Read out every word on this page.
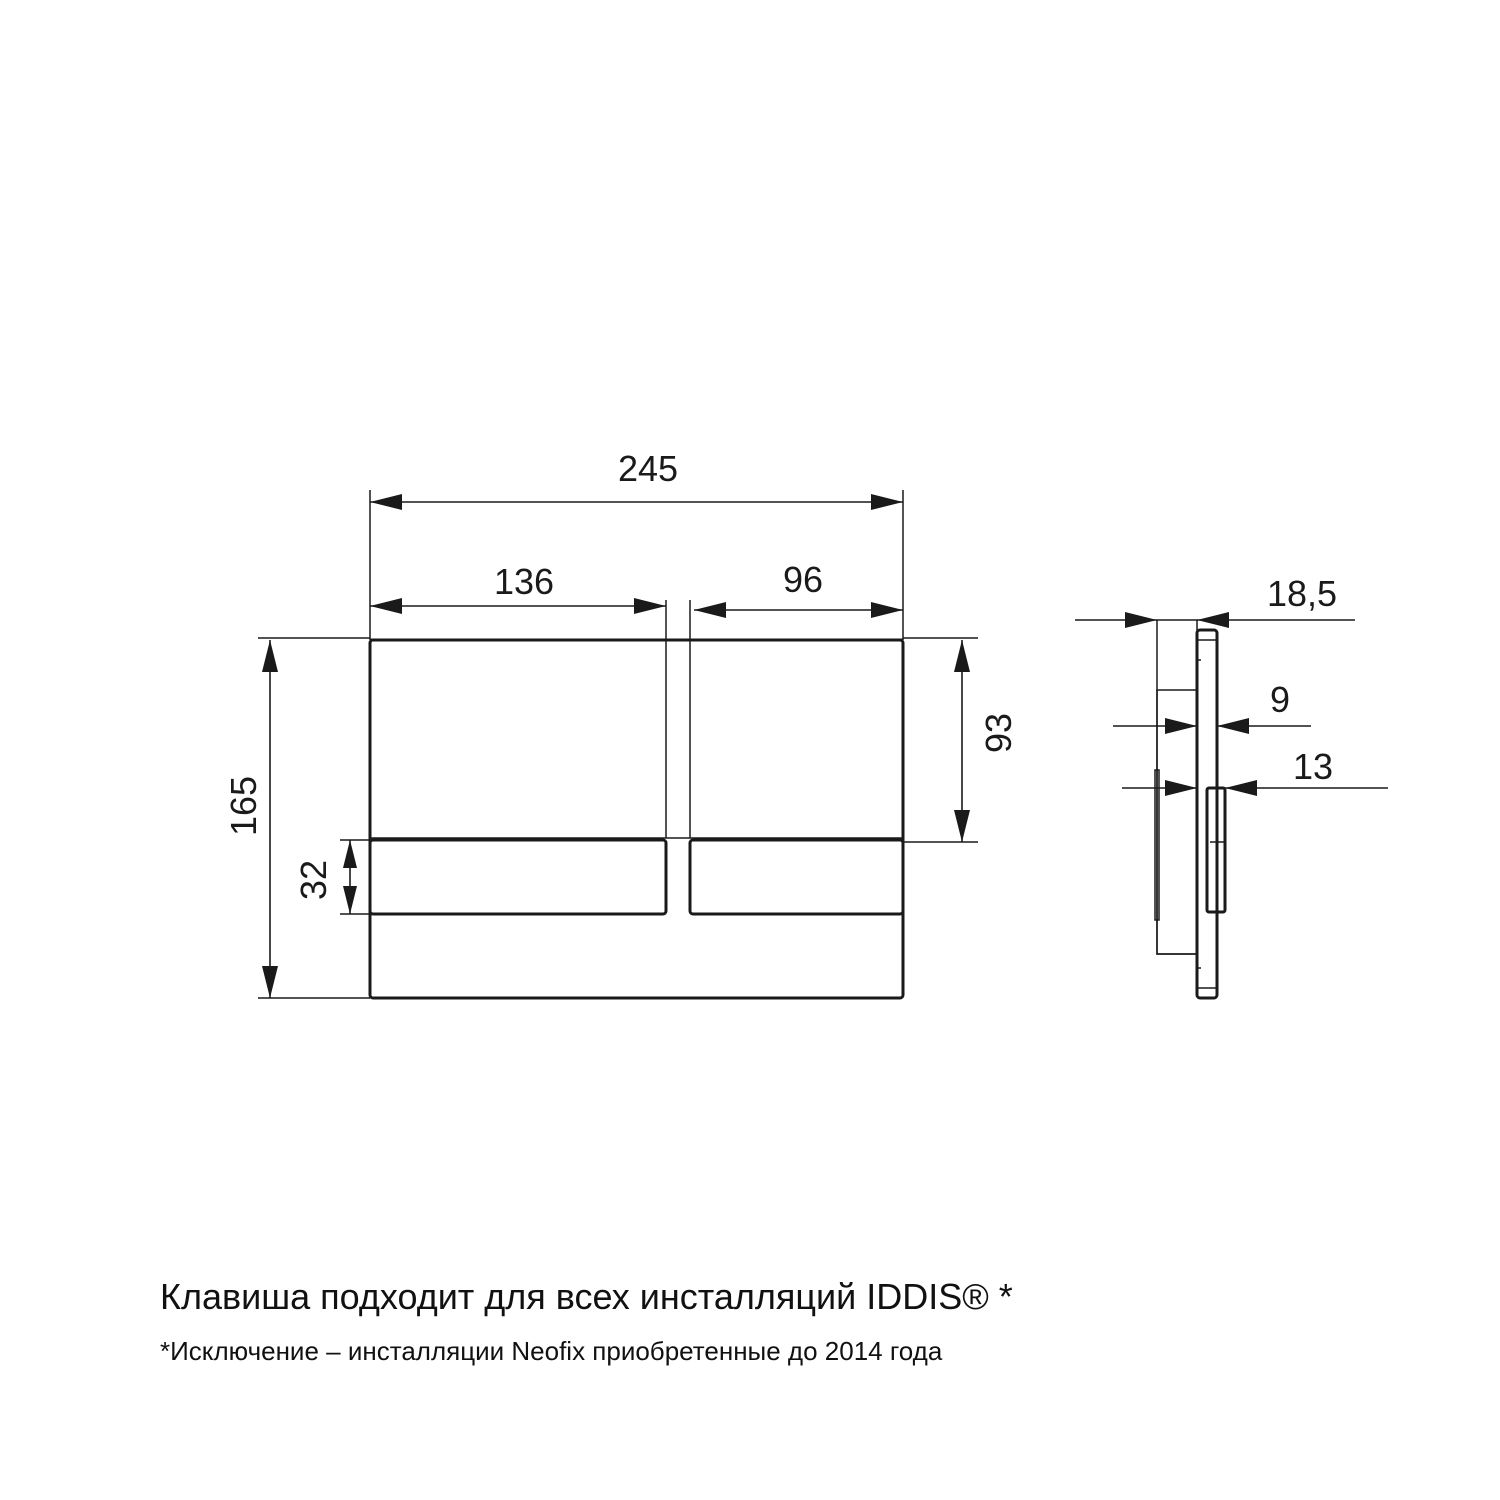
245
136	96
165
93
32
18,5
9
13

Клавиша подходит для всех инсталляций IDDIS® *

*Исключение – инсталляции Neofix приобретенные до 2014 года
